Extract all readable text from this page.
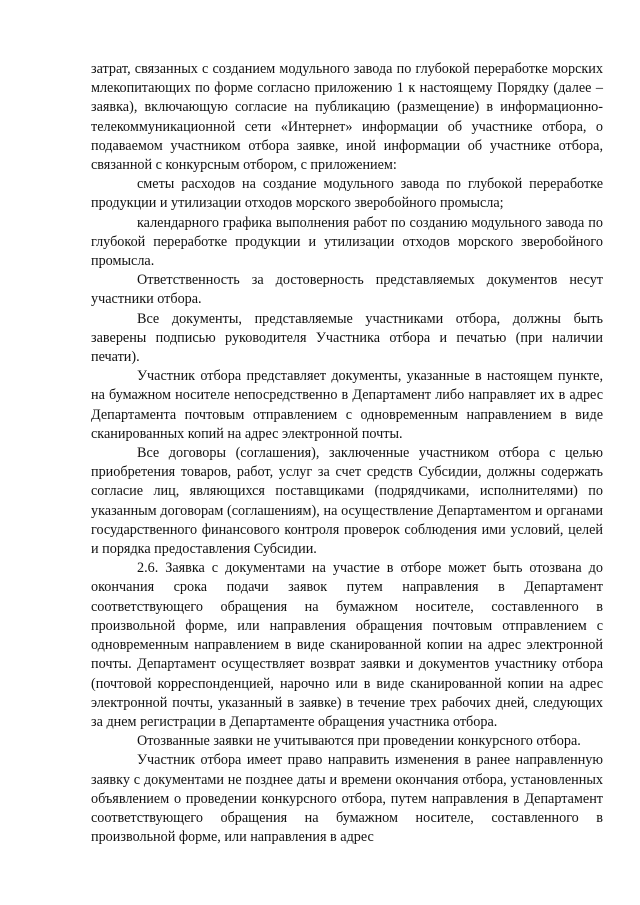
затрат, связанных с созданием модульного завода по глубокой переработке морских млекопитающих по форме согласно приложению 1 к настоящему Порядку (далее – заявка), включающую согласие на публикацию (размещение) в информационно-телекоммуникационной сети «Интернет» информации об участнике отбора, о подаваемом участником отбора заявке, иной информации об участнике отбора, связанной с конкурсным отбором, с приложением:

сметы расходов на создание модульного завода по глубокой переработке продукции и утилизации отходов морского зверобойного промысла;

календарного графика выполнения работ по созданию модульного завода по глубокой переработке продукции и утилизации отходов морского зверобойного промысла.

Ответственность за достоверность представляемых документов несут участники отбора.

Все документы, представляемые участниками отбора, должны быть заверены подписью руководителя Участника отбора и печатью (при наличии печати).

Участник отбора представляет документы, указанные в настоящем пункте, на бумажном носителе непосредственно в Департамент либо направляет их в адрес Департамента почтовым отправлением с одновременным направлением в виде сканированных копий на адрес электронной почты.

Все договоры (соглашения), заключенные участником отбора с целью приобретения товаров, работ, услуг за счет средств Субсидии, должны содержать согласие лиц, являющихся поставщиками (подрядчиками, исполнителями) по указанным договорам (соглашениям), на осуществление Департаментом и органами государственного финансового контроля проверок соблюдения ими условий, целей и порядка предоставления Субсидии.

2.6. Заявка с документами на участие в отборе может быть отозвана до окончания срока подачи заявок путем направления в Департамент соответствующего обращения на бумажном носителе, составленного в произвольной форме, или направления обращения почтовым отправлением с одновременным направлением в виде сканированной копии на адрес электронной почты. Департамент осуществляет возврат заявки и документов участнику отбора (почтовой корреспонденцией, нарочно или в виде сканированной копии на адрес электронной почты, указанный в заявке) в течение трех рабочих дней, следующих за днем регистрации в Департаменте обращения участника отбора.

Отозванные заявки не учитываются при проведении конкурсного отбора.

Участник отбора имеет право направить изменения в ранее направленную заявку с документами не позднее даты и времени окончания отбора, установленных объявлением о проведении конкурсного отбора, путем направления в Департамент соответствующего обращения на бумажном носителе, составленного в произвольной форме, или направления в адрес
